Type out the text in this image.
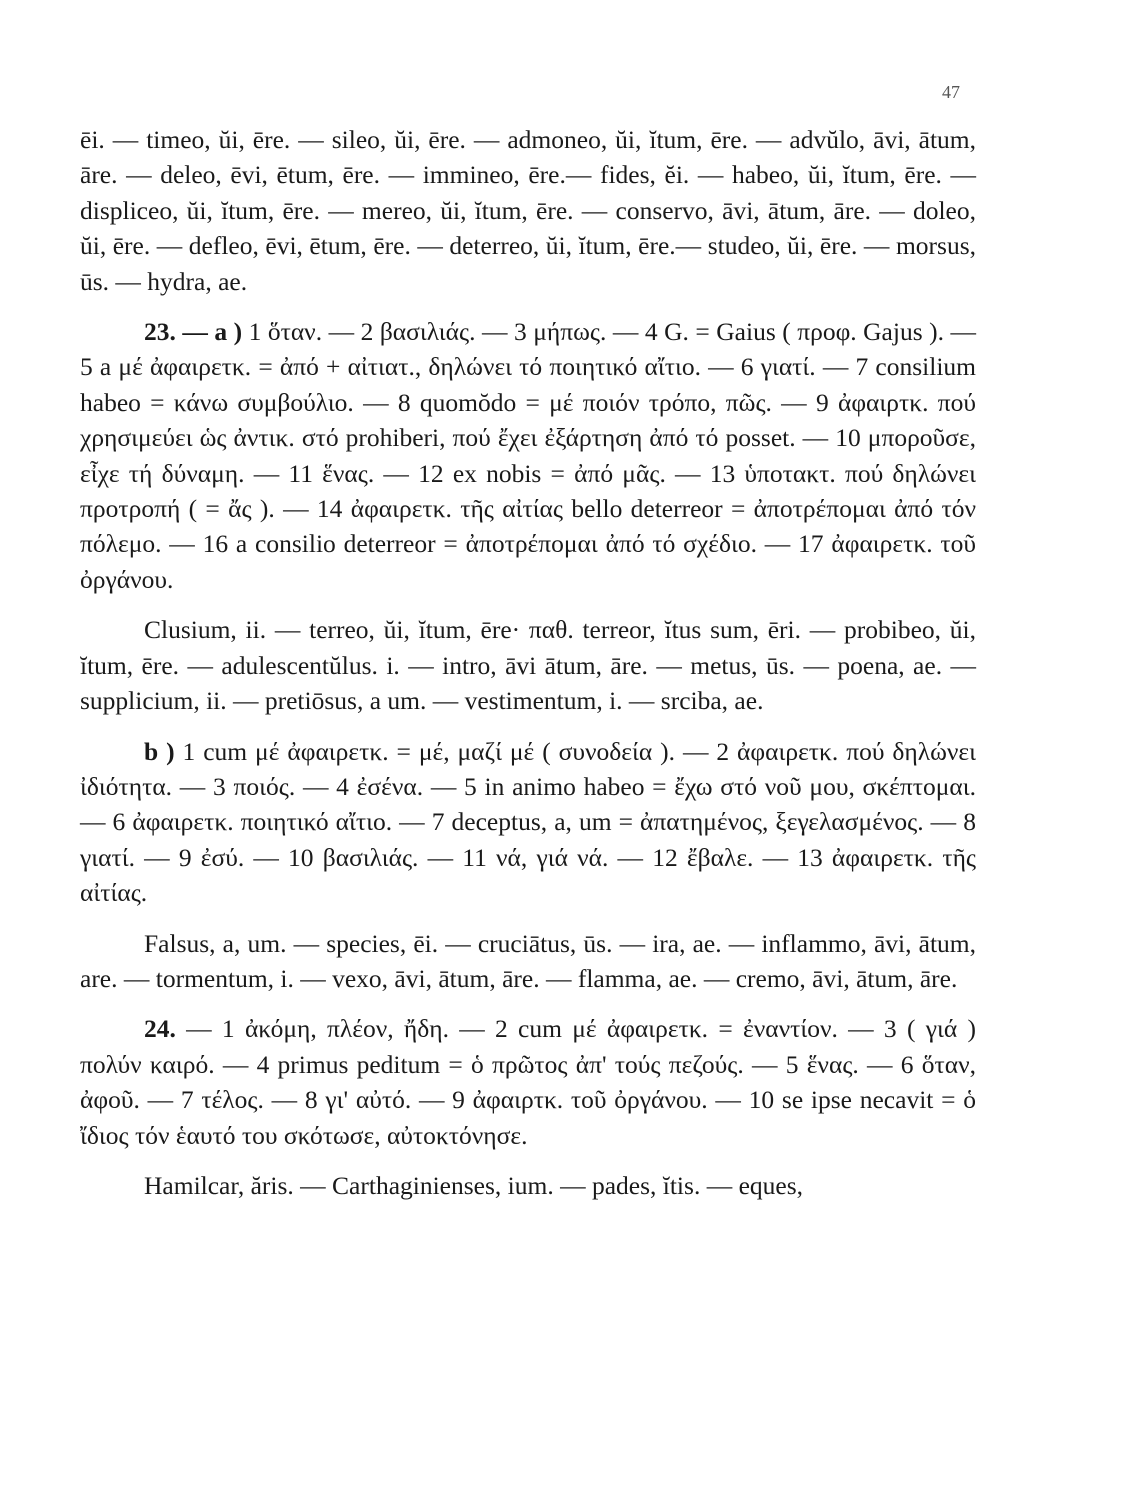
47

ēi. — timeo, ŭi, ēre. — sileo, ŭi, ēre. — admoneo, ŭi, ĭtum, ēre. — advŭlo, āvi, ātum, āre. — deleo, ēvi, ētum, ēre. — immineo, ēre.— fides, ĕi. — habeo, ŭi, ĭtum, ēre. — displiceo, ŭi, ĭtum, ēre. — mereo, ŭi, ĭtum, ēre. — conservo, āvi, ātum, āre. — doleo, ŭi, ēre. — defleo, ēvi, ētum, ēre. — deterreo, ŭi, ĭtum, ēre.— studeo, ŭi, ēre. — morsus, ūs. — hydra, ae.

23. — a ) 1 ὅταν. — 2 βασιλιάς. — 3 μήπως. — 4 G. = Gaius ( προφ. Gajus ). — 5 a μέ ἀφαιρετκ. = ἀπό + αἰτιατ., δηλώνει τό ποιητικό αἴτιο. — 6 γιατί. — 7 consilium habeo = κάνω συμβούλιο. — 8 quomŏdo = μέ ποιόν τρόπο, πῶς. — 9 ἀφαιρτκ. πού χρησιμεύει ὡς ἀντικ. στό prohiberi, πού ἔχει ἐξάρτηση ἀπό τό posset. — 10 μποροῦσε, εἶχε τή δύναμη. — 11 ἕνας. — 12 ex nobis = ἀπό μᾶς. — 13 ὑποτακτ. πού δηλώνει προτροπή ( = ἄς ). — 14 ἀφαιρετκ. τῆς αἰτίας bello deterreor = ἀποτρέπομαι ἀπό τόν πόλεμο. — 16 a consilio deterreor = ἀποτρέπομαι ἀπό τό σχέδιο. — 17 ἀφαιρετκ. τοῦ ὀργάνου.

Clusium, ii. — terreo, ŭi, ĭtum, ēre· παθ. terreor, ĭtus sum, ēri. — probibeo, ŭi, ĭtum, ēre. — adulescentŭlus. i. — intro, āvi ātum, āre. — metus, ūs. — poena, ae. — supplicium, ii. — pretiōsus, a um. — vestimentum, i. — srciba, ae.

b ) 1 cum μέ ἀφαιρετκ. = μέ, μαζί μέ ( συνοδεία ). — 2 ἀφαιρετκ. πού δηλώνει ἰδιότητα. — 3 ποιός. — 4 ἐσένα. — 5 in animo habeo = ἔχω στό νοῦ μου, σκέπτομαι. — 6 ἀφαιρετκ. ποιητικό αἴτιο. — 7 deceptus, a, um = ἀπατημένος, ξεγελασμένος. — 8 γιατί. — 9 ἐσύ. — 10 βασιλιάς. — 11 νά, γιά νά. — 12 ἔβαλε. — 13 ἀφαιρετκ. τῆς αἰτίας.

Falsus, a, um. — species, ēi. — cruciātus, ūs. — ira, ae. — inflammo, āvi, ātum, are. — tormentum, i. — vexo, āvi, ātum, āre. — flamma, ae. — cremo, āvi, ātum, āre.

24. — 1 ἀκόμη, πλέον, ἤδη. — 2 cum μέ ἀφαιρετκ. = ἐναντίον. — 3 ( γιά ) πολύν καιρό. — 4 primus peditum = ὁ πρῶτος ἀπ' τούς πεζούς. — 5 ἕνας. — 6 ὅταν, ἀφοῦ. — 7 τέλος. — 8 γι' αὐτό. — 9 ἀφαιρτκ. τοῦ ὀργάνου. — 10 se ipse necavit = ὁ ἴδιος τόν ἑαυτό του σκότωσε, αὐτοκτόνησε.

Hamilcar, ăris. — Carthaginienses, ium. — pades, ĭtis. — eques,
